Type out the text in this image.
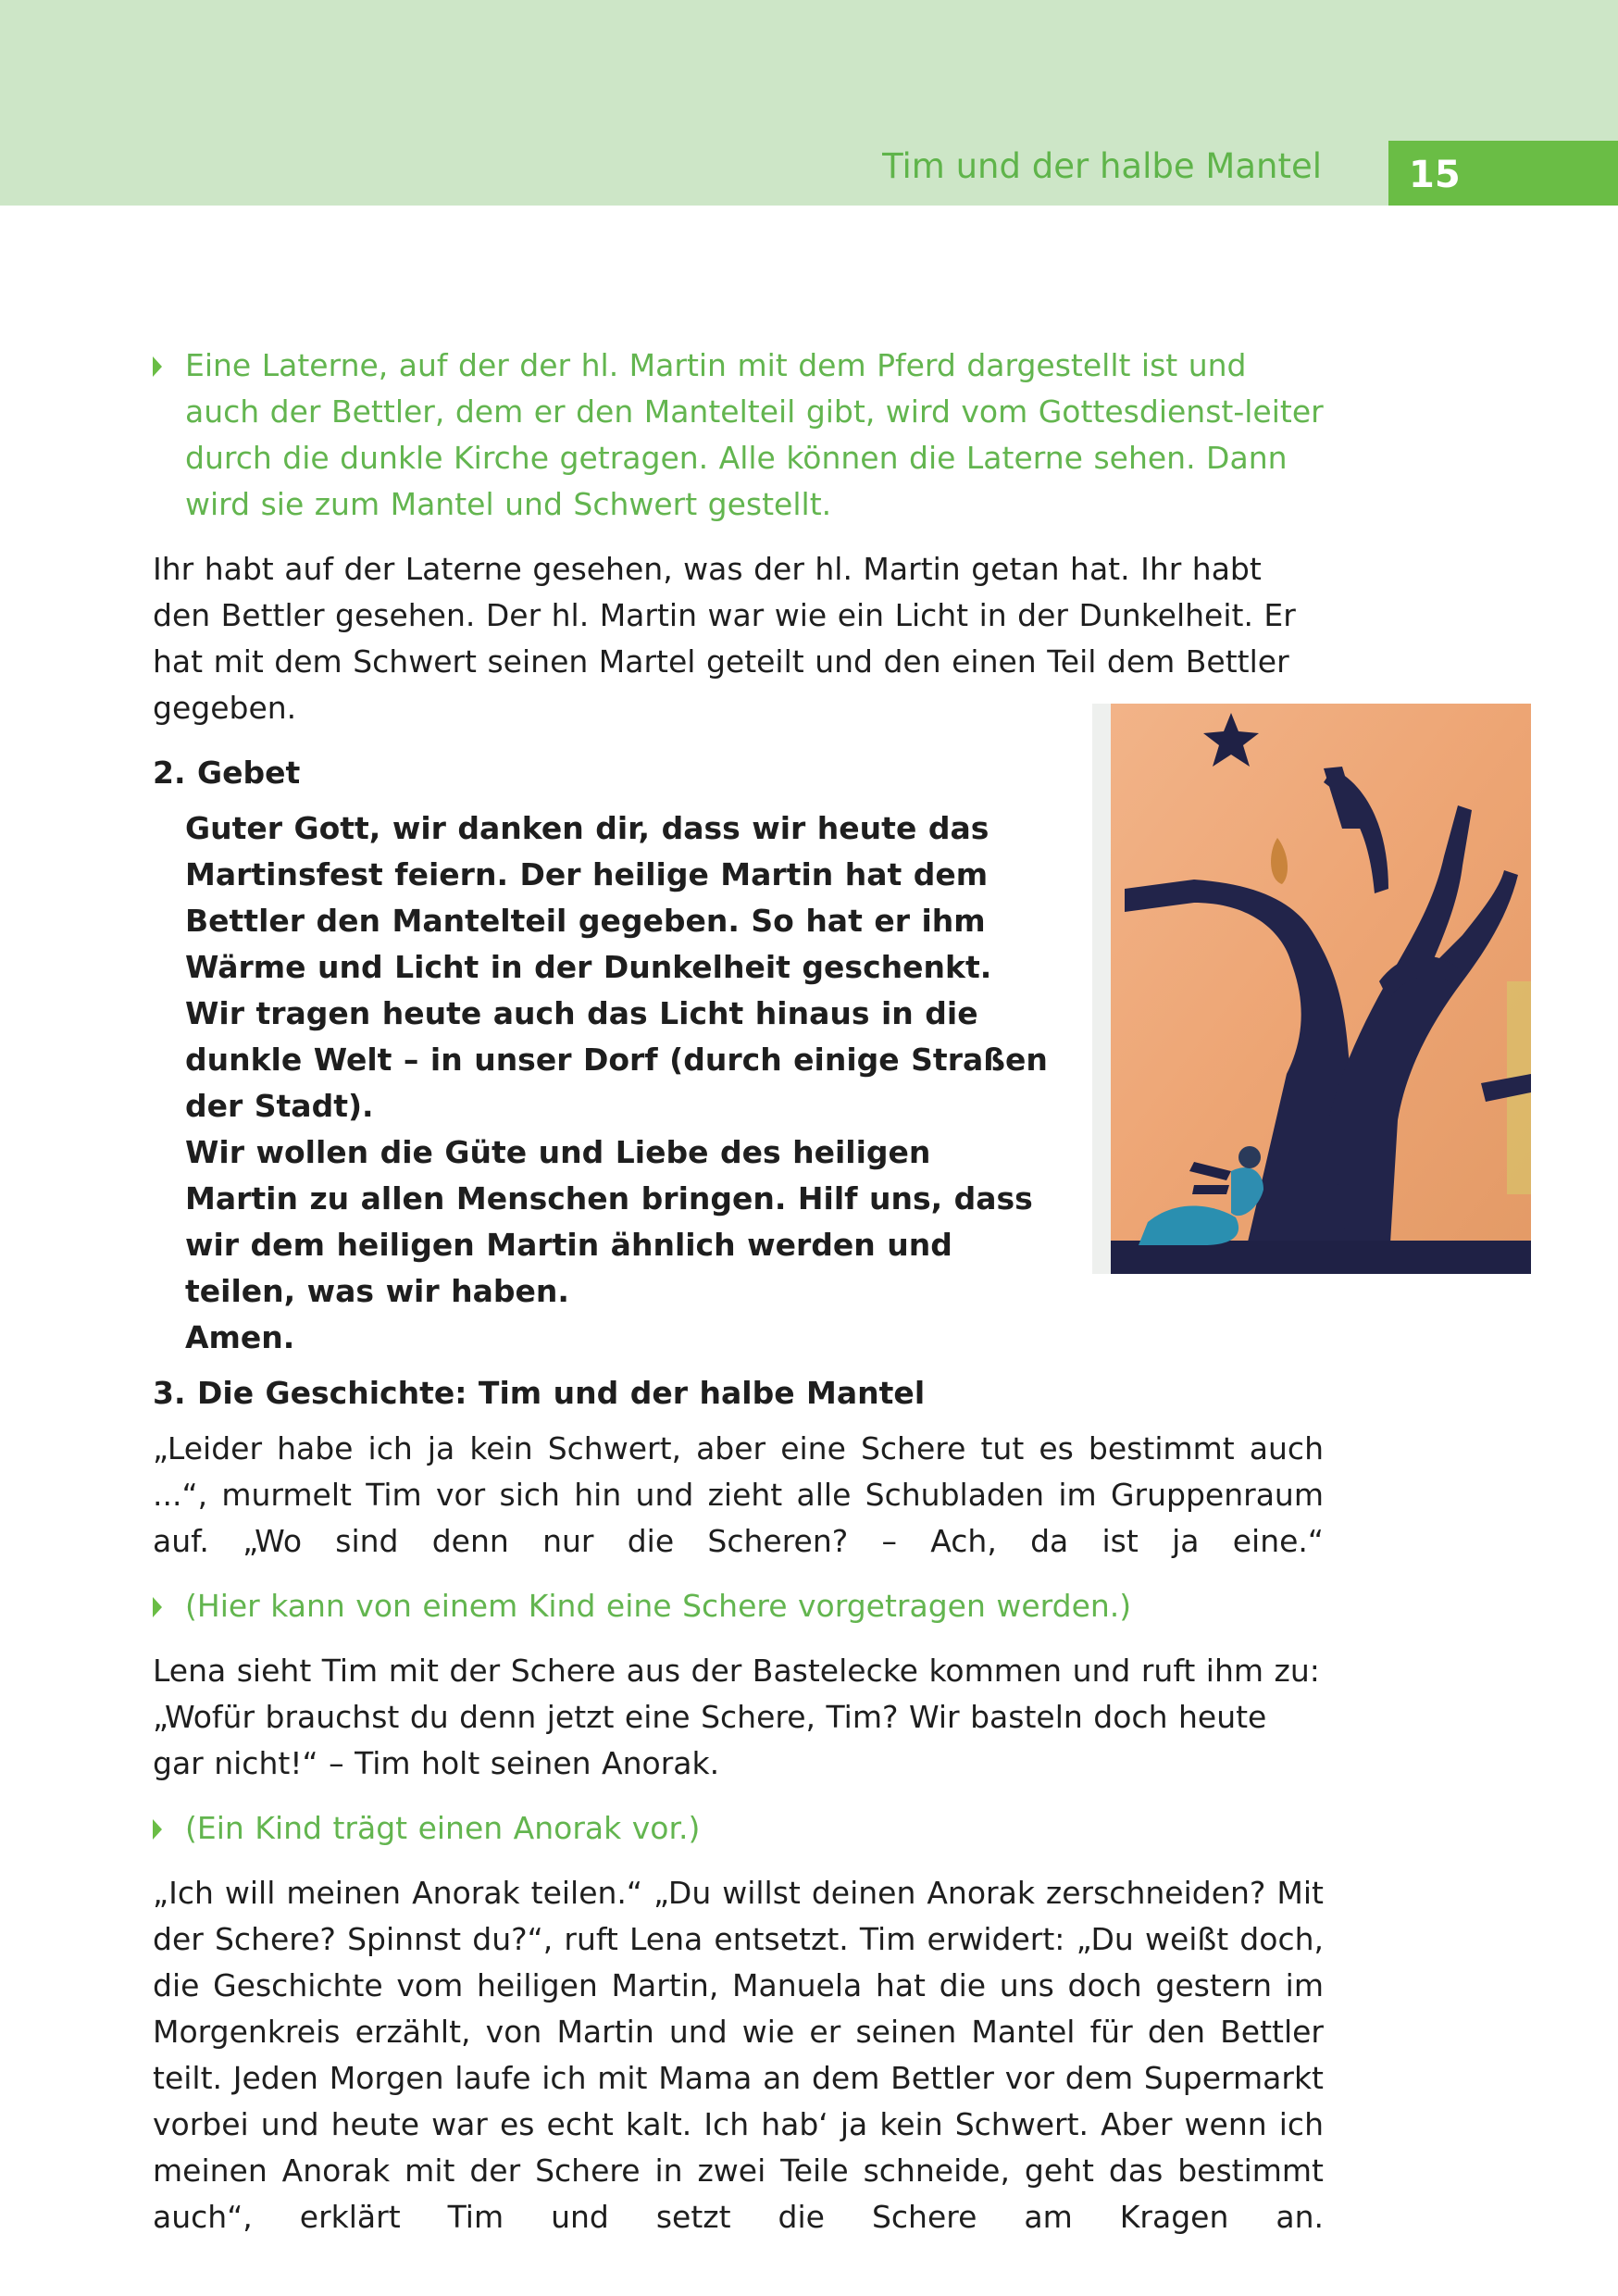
Tim und der halbe Mantel 15
Eine Laterne, auf der der hl. Martin mit dem Pferd dargestellt ist und auch der Bettler, dem er den Mantelteil gibt, wird vom Gottesdienst-leiter durch die dunkle Kirche getragen. Alle können die Laterne sehen. Dann wird sie zum Mantel und Schwert gestellt.

Ihr habt auf der Laterne gesehen, was der hl. Martin getan hat. Ihr habt den Bettler gesehen. Der hl. Martin war wie ein Licht in der Dunkelheit. Er hat mit dem Schwert seinen Martel geteilt und den einen Teil dem Bettler gegeben.

2. Gebet

Guter Gott, wir danken dir, dass wir heute das Martinsfest feiern. Der heilige Martin hat dem Bettler den Mantelteil gegeben. So hat er ihm Wärme und Licht in der Dunkelheit geschenkt.
Wir tragen heute auch das Licht hinaus in die dunkle Welt – in unser Dorf (durch einige Straßen der Stadt).
Wir wollen die Güte und Liebe des heiligen Martin zu allen Menschen bringen. Hilf uns, dass wir dem heiligen Martin ähnlich werden und teilen, was wir haben.
Amen.

3. Die Geschichte: Tim und der halbe Mantel

„Leider habe ich ja kein Schwert, aber eine Schere tut es bestimmt auch ...“, murmelt Tim vor sich hin und zieht alle Schubladen im Gruppenraum auf. „Wo sind denn nur die Scheren? – Ach, da ist ja eine.“

(Hier kann von einem Kind eine Schere vorgetragen werden.)

Lena sieht Tim mit der Schere aus der Bastelecke kommen und ruft ihm zu: „Wofür brauchst du denn jetzt eine Schere, Tim? Wir basteln doch heute gar nicht!“ – Tim holt seinen Anorak.

(Ein Kind trägt einen Anorak vor.)

„Ich will meinen Anorak teilen.“ „Du willst deinen Anorak zerschneiden? Mit der Schere? Spinnst du?“, ruft Lena entsetzt. Tim erwidert: „Du weißt doch, die Geschichte vom heiligen Martin, Manuela hat die uns doch gestern im Morgenkreis erzählt, von Martin und wie er seinen Mantel für den Bettler teilt. Jeden Morgen laufe ich mit Mama an dem Bettler vor dem Supermarkt vorbei und heute war es echt kalt. Ich hab‘ ja kein Schwert. Aber wenn ich meinen Anorak mit der Schere in zwei Teile schneide, geht das bestimmt auch“, erklärt Tim und setzt die Schere am Kragen an.
